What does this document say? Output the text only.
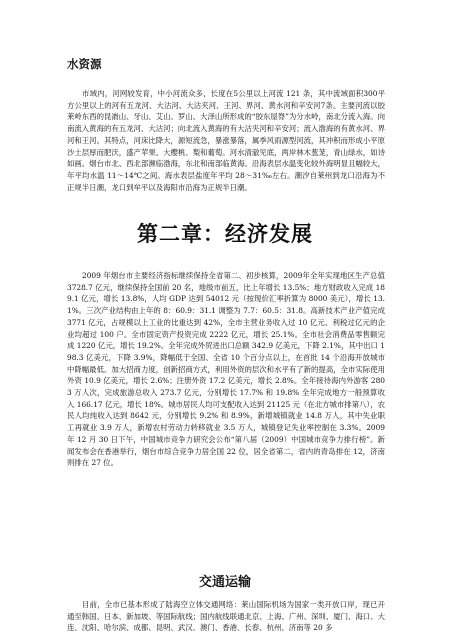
水资源

市域内，河网较发育，中小河流众多，长度在5公里以上河流 121 条，其中流域面积300平方公里以上的河有五龙河、大沽河、大沽夹河、王河、界河、黄水河和辛安河7条。主要河流以胶莱岭东西的昆嵛山、牙山、艾山、罗山、大泽山所形成的“胶东屋脊”为分水岭，南北分流入海。向南流入黄海的有五龙河、大沽河；向北流入黄海的有大沽夹河和辛安河；流入渤海的有黄水河、界河和王河。其特点，河床比降大，源短流急，暴涨暴落，属季风雨源型河流，其冲积而形成小平原沙土层厚而肥沃，盛产苹果、大樱桃、梨和葡萄。河水清澈见底，两岸林木葱茏，青山绿水，如诗如画。烟台市北、西北部濒临渤海，东北和南部临黄海。沿海表层水温变化较外海明显且幅较大，年平均水温 11～14℃之间。海水表层盐度年平均 28～31‰左右。潮汐自莱州到龙口沿海为不正规半日潮，龙口到牟平以及海阳市沿海为正规半日潮。

第二章：经济发展

2009 年烟台市主要经济指标继续保持全省第二、初步核算，2009年全年实现地区生产总值 3728.7 亿元，继续保持全国前 20 名，地级市前五，比上年增长 13.5%；地方财政收入完成 189.1 亿元，增长 13.8%，人均 GDP 达到 54012 元（按现价汇率折算为 8000 美元），增长 13.1%。三次产业结构由上年的 8：60.9：31.1 调整为 7.7：60.5：31.8。高新技术产业产值完成 3771 亿元，占规模以上工业的比重达到 42%，全市主营业务收入过 10 亿元、利税过亿元的企业均超过 100 户。全市固定资产投资完成 2222 亿元，增长 25.1%。全市社会消费品零售额完成 1220 亿元，增长 19.2%。全年完成外贸进出口总额 342.9 亿美元，下降 2.1%，其中出口 198.3 亿美元，下降 3.9%，降幅低于全国、全省 10 个百分点以上，在首批 14 个沿海开放城市中降幅最低。加大招商力度，创新招商方式，利用外资的层次和水平有了新的提高，全市实际使用外资 10.9 亿美元，增长 2.6%；注册外资 17.2 亿美元，增长 2.8%。全年接待海内外游客 2803 万人次，完成旅游总收入 273.7 亿元，分别增长 17.7% 和 19.8% 全年完成地方一般预算收入 166.17 亿元，增长 18%。城市居民人均可支配收入达到 21125 元（在北方城市排第八），农民人均纯收入达到 8642 元，分别增长 9.2% 和 8.9%，新增城镇就业 14.8 万人，其中失业职工再就业 3.9 万人，新增农村劳动力转移就业 3.5 万人，城镇登记失业率控制在 3.3%。2009 年 12 月 30 日下午，中国城市竞争力研究会公布“第八届（2009）中国城市竞争力排行榜”。新闻发布会在香港举行，烟台市综合竞争力居全国 22 位，居全省第二，省内的青岛排在 12，济南则排在 27 位。

交通运输

目前，全市已基本形成了陆海空立体交通网络：莱山国际机场为国家一类开放口岸，现已开通至韩国、日本、新加坡、等国际航线；国内航线联通北京、上海、广州、深圳、厦门、海口、大连、沈阳、哈尔滨、成都、昆明、武汉、澳门、香港、长春、杭州、济南等 20 多
